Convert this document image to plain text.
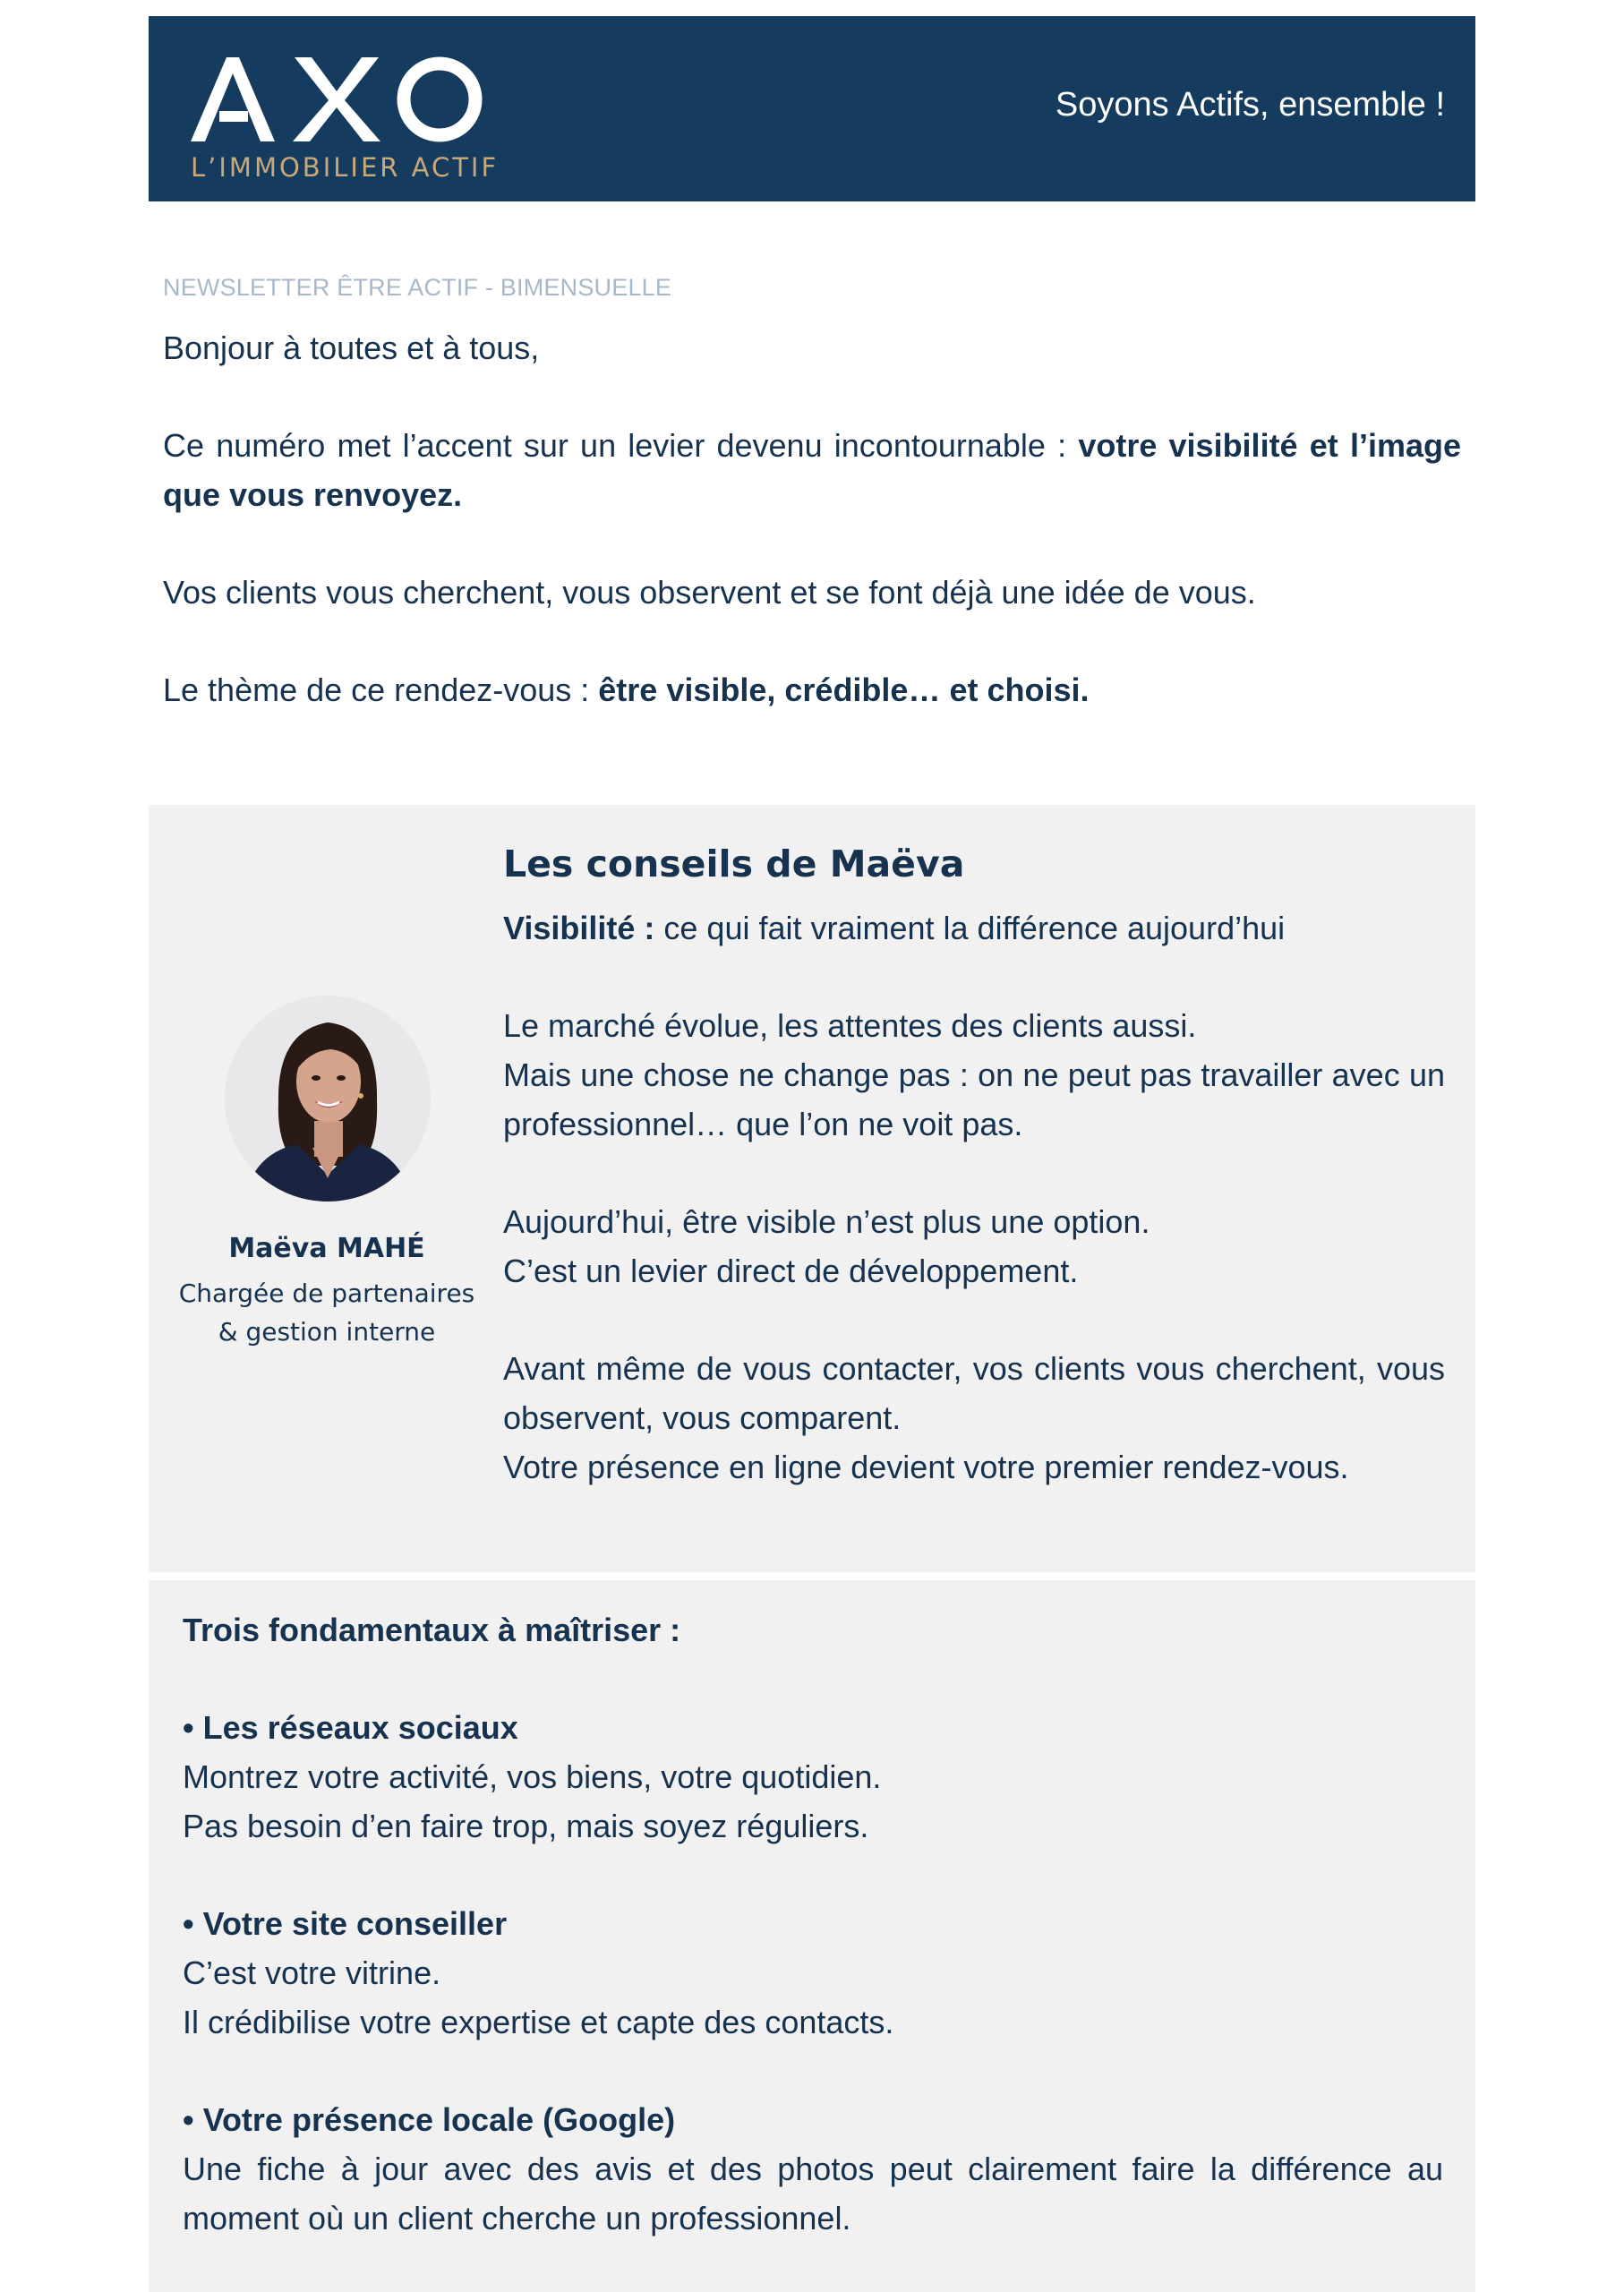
L’IMMOBILIER ACTIF
Soyons Actifs, ensemble !
NEWSLETTER ÊTRE ACTIF - BIMENSUELLE

Bonjour à toutes et à tous,

Ce numéro met l’accent sur un levier devenu incontournable : votre visibilité et l’image que vous renvoyez.

Vos clients vous cherchent, vous observent et se font déjà une idée de vous.

Le thème de ce rendez-vous : être visible, crédible… et choisi.

Maëva MAHÉ
Chargée de partenaires
& gestion interne
Les conseils de Maëva

Visibilité : ce qui fait vraiment la différence aujourd’hui

Le marché évolue, les attentes des clients aussi.

Mais une chose ne change pas : on ne peut pas travailler avec un professionnel… que l’on ne voit pas.

Aujourd’hui, être visible n’est plus une option.

C’est un levier direct de développement.

Avant même de vous contacter, vos clients vous cherchent, vous observent, vous comparent.

Votre présence en ligne devient votre premier rendez-vous.

Trois fondamentaux à maîtriser :

• Les réseaux sociaux

Montrez votre activité, vos biens, votre quotidien.

Pas besoin d’en faire trop, mais soyez réguliers.

• Votre site conseiller

C’est votre vitrine.

Il crédibilise votre expertise et capte des contacts.

• Votre présence locale (Google)

Une fiche à jour avec des avis et des photos peut clairement faire la différence au moment où un client cherche un professionnel.
